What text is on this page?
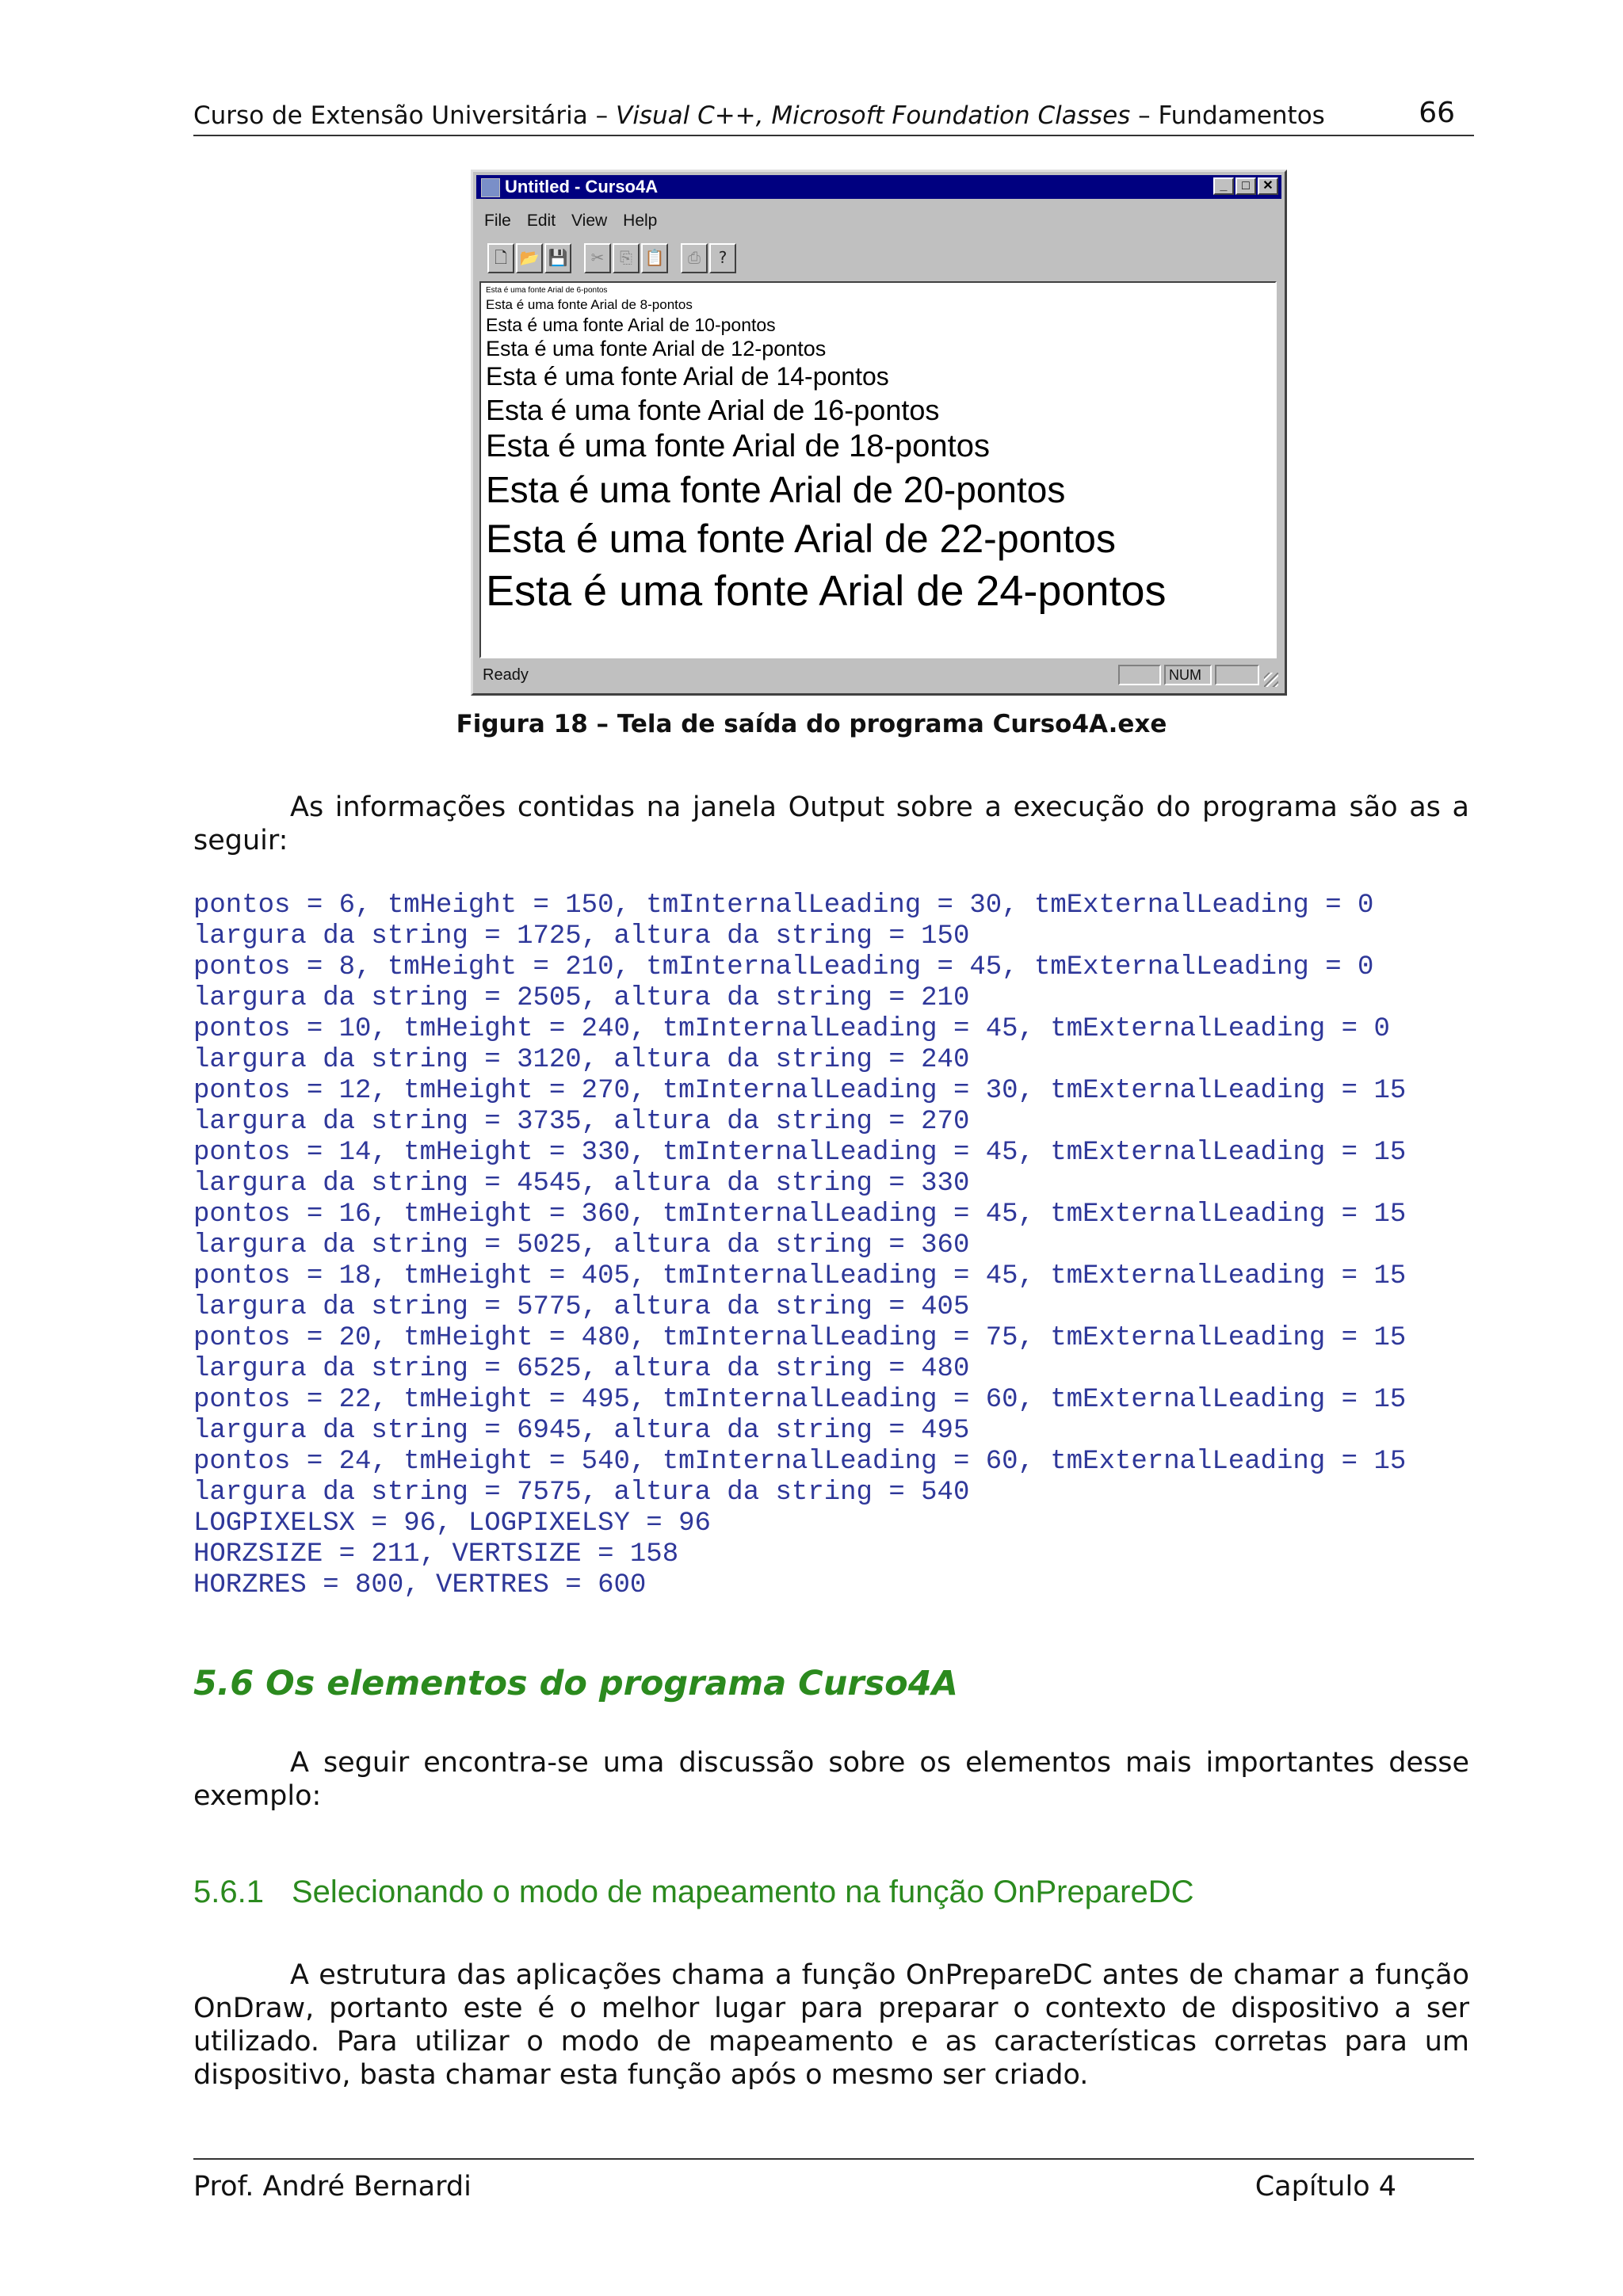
Curso de Extensão Universitária – Visual C++, Microsoft Foundation Classes – Fundamentos	66
Untitled - Curso4A	_	□	✕
File Edit View Help
🗋 📂 💾	✂ ⎘ 📋	⎙	?
Esta é uma fonte Arial de 6-pontos
Esta é uma fonte Arial de 8-pontos
Esta é uma fonte Arial de 10-pontos
Esta é uma fonte Arial de 12-pontos
Esta é uma fonte Arial de 14-pontos
Esta é uma fonte Arial de 16-pontos
Esta é uma fonte Arial de 18-pontos
Esta é uma fonte Arial de 20-pontos
Esta é uma fonte Arial de 22-pontos
Esta é uma fonte Arial de 24-pontos
Ready	NUM
Figura 18 – Tela de saída do programa Curso4A.exe
As informações contidas na janela Output sobre a execução do programa são as a seguir:
pontos = 6, tmHeight = 150, tmInternalLeading = 30, tmExternalLeading = 0
largura da string = 1725, altura da string = 150
pontos = 8, tmHeight = 210, tmInternalLeading = 45, tmExternalLeading = 0
largura da string = 2505, altura da string = 210
pontos = 10, tmHeight = 240, tmInternalLeading = 45, tmExternalLeading = 0
largura da string = 3120, altura da string = 240
pontos = 12, tmHeight = 270, tmInternalLeading = 30, tmExternalLeading = 15
largura da string = 3735, altura da string = 270
pontos = 14, tmHeight = 330, tmInternalLeading = 45, tmExternalLeading = 15
largura da string = 4545, altura da string = 330
pontos = 16, tmHeight = 360, tmInternalLeading = 45, tmExternalLeading = 15
largura da string = 5025, altura da string = 360
pontos = 18, tmHeight = 405, tmInternalLeading = 45, tmExternalLeading = 15
largura da string = 5775, altura da string = 405
pontos = 20, tmHeight = 480, tmInternalLeading = 75, tmExternalLeading = 15
largura da string = 6525, altura da string = 480
pontos = 22, tmHeight = 495, tmInternalLeading = 60, tmExternalLeading = 15
largura da string = 6945, altura da string = 495
pontos = 24, tmHeight = 540, tmInternalLeading = 60, tmExternalLeading = 15
largura da string = 7575, altura da string = 540
LOGPIXELSX = 96, LOGPIXELSY = 96
HORZSIZE = 211, VERTSIZE = 158
HORZRES = 800, VERTRES = 600
5.6 Os elementos do programa Curso4A
A seguir encontra-se uma discussão sobre os elementos mais importantes desse exemplo:
5.6.1 Selecionando o modo de mapeamento na função OnPrepareDC
A estrutura das aplicações chama a função OnPrepareDC antes de chamar a função OnDraw, portanto este é o melhor lugar para preparar o contexto de dispositivo a ser utilizado. Para utilizar o modo de mapeamento e as características corretas para um dispositivo, basta chamar esta função após o mesmo ser criado.
Prof. André Bernardi	Capítulo 4
